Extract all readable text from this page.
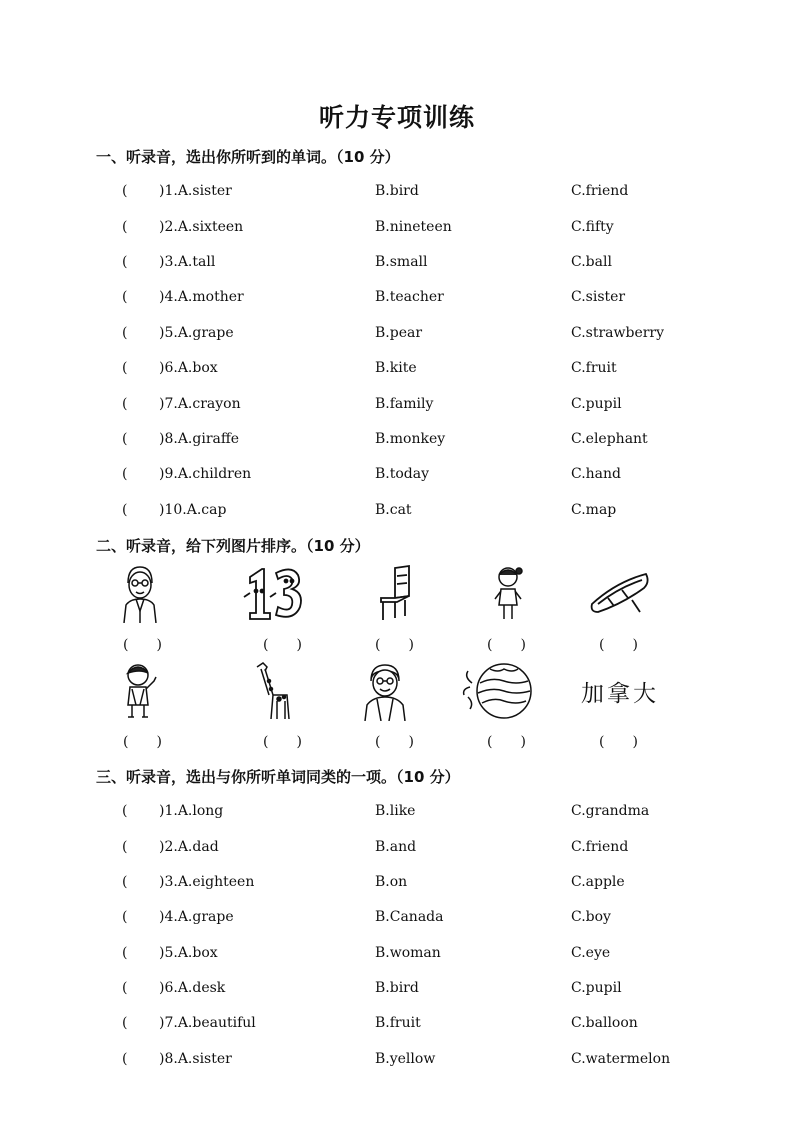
听力专项训练
一、听录音，选出你所听到的单词。（10 分）
( )1.A.sister	B.bird	C.friend
( )2.A.sixteen	B.nineteen	C.fifty
( )3.A.tall	B.small	C.ball
( )4.A.mother	B.teacher	C.sister
( )5.A.grape	B.pear	C.strawberry
( )6.A.box	B.kite	C.fruit
( )7.A.crayon	B.family	C.pupil
( )8.A.giraffe	B.monkey	C.elephant
( )9.A.children	B.today	C.hand
( )10.A.cap	B.cat	C.map
二、听录音，给下列图片排序。（10 分）
(　　)	(　　)	(　　)	(　　)	(　　)
加拿大
(　　)	(　　)	(　　)	(　　)	(　　)
三、听录音，选出与你所听单词同类的一项。（10 分）
( )1.A.long	B.like	C.grandma
( )2.A.dad	B.and	C.friend
( )3.A.eighteen	B.on	C.apple
( )4.A.grape	B.Canada	C.boy
( )5.A.box	B.woman	C.eye
( )6.A.desk	B.bird	C.pupil
( )7.A.beautiful	B.fruit	C.balloon
( )8.A.sister	B.yellow	C.watermelon
